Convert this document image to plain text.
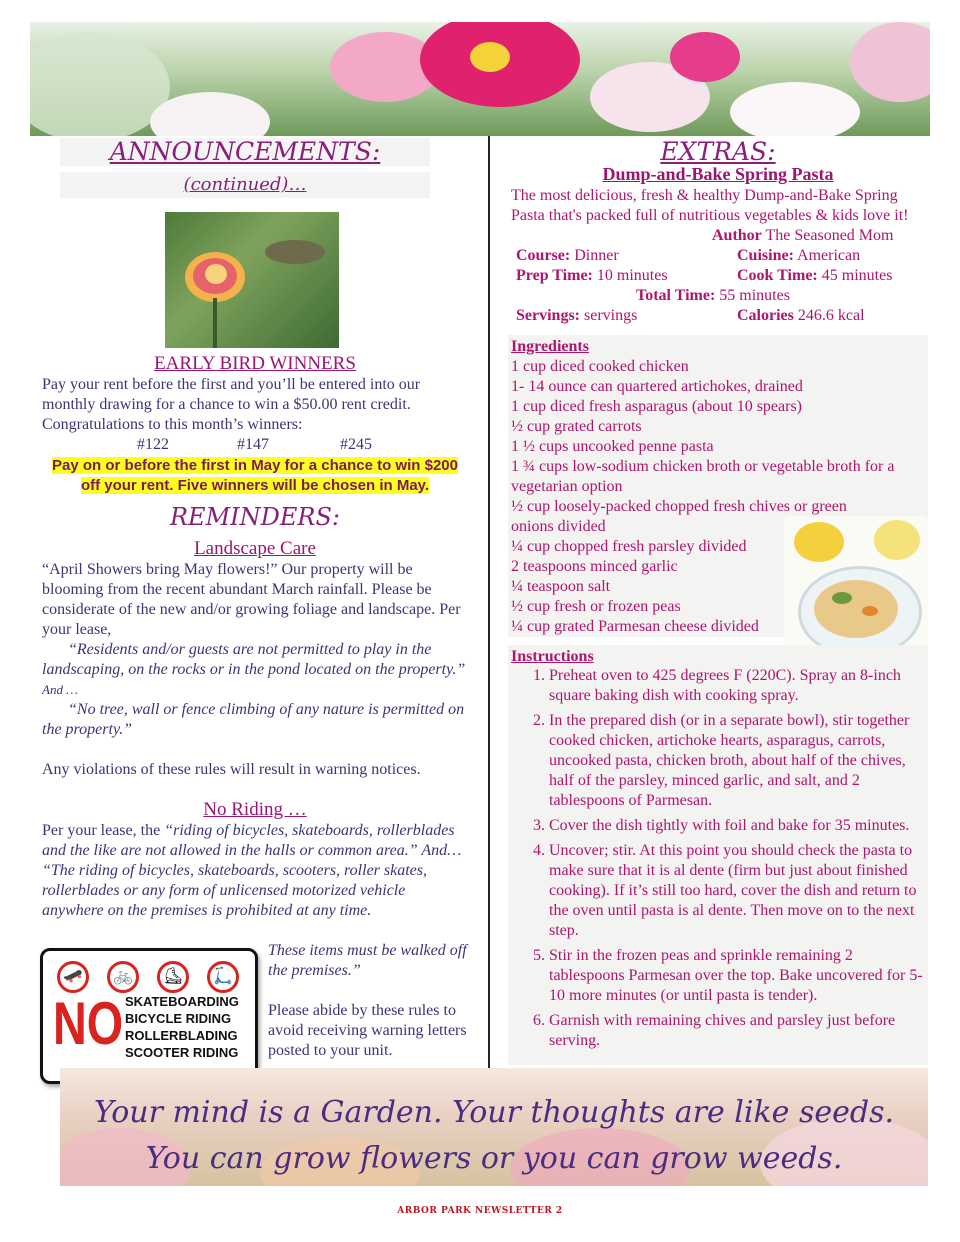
ANNOUNCEMENTS:
(continued)…
EARLY BIRD WINNERS
Pay your rent before the first and you’ll be entered into our monthly drawing for a chance to win a $50.00 rent credit. Congratulations to this month’s winners:
#122	#147	#245
Pay on or before the first in May for a chance to win $200
off your rent. Five winners will be chosen in May.
REMINDERS:
Landscape Care
“April Showers bring May flowers!” Our property will be blooming from the recent abundant March rainfall. Please be considerate of the new and/or growing foliage and landscape. Per your lease,
“Residents and/or guests are not permitted to play in the landscaping, on the rocks or in the pond located on the property.” And …
“No tree, wall or fence climbing of any nature is permitted on the property.”
Any violations of these rules will result in warning notices.
No Riding …
Per your lease, the “riding of bicycles, skateboards, rollerblades and the like are not allowed in the halls or common area.” And…
“The riding of bicycles, skateboards, scooters, roller skates, rollerblades or any form of unlicensed motorized vehicle anywhere on the premises is prohibited at any time.
These items must be walked off the premises.”
Please abide by these rules to avoid receiving warning letters posted to your unit.
🛹	🚲	⛸	🛴
NO SKATEBOARDING
BICYCLE RIDING
ROLLERBLADING
SCOOTER RIDING
EXTRAS:
Dump-and-Bake Spring Pasta
The most delicious, fresh & healthy Dump-and-Bake Spring Pasta that's packed full of nutritious vegetables & kids love it!
Author The Seasoned Mom
Course: Dinner	Cuisine: American
Prep Time: 10 minutes	Cook Time: 45 minutes
Total Time: 55 minutes
Servings: servings	Calories 246.6 kcal
Ingredients
1 cup diced cooked chicken
1- 14 ounce can quartered artichokes, drained
1 cup diced fresh asparagus (about 10 spears)
½ cup grated carrots
1 ½ cups uncooked penne pasta
1 ¾ cups low-sodium chicken broth or vegetable broth for a vegetarian option
½ cup loosely-packed chopped fresh chives or green onions divided
¼ cup chopped fresh parsley divided
2 teaspoons minced garlic
¼ teaspoon salt
½ cup fresh or frozen peas
¼ cup grated Parmesan cheese divided
Instructions
1. Preheat oven to 425 degrees F (220C). Spray an 8-inch square baking dish with cooking spray.
2. In the prepared dish (or in a separate bowl), stir together cooked chicken, artichoke hearts, asparagus, carrots, uncooked pasta, chicken broth, about half of the chives, half of the parsley, minced garlic, and salt, and 2 tablespoons of Parmesan.
3. Cover the dish tightly with foil and bake for 35 minutes.
4. Uncover; stir. At this point you should check the pasta to make sure that it is al dente (firm but just about finished cooking). If it’s still too hard, cover the dish and return to the oven until pasta is al dente. Then move on to the next step.
5. Stir in the frozen peas and sprinkle remaining 2 tablespoons Parmesan over the top. Bake uncovered for 5-10 more minutes (or until pasta is tender).
6. Garnish with remaining chives and parsley just before serving.
Your mind is a Garden. Your thoughts are like seeds.
You can grow flowers or you can grow weeds.
ARBOR PARK NEWSLETTER 2
